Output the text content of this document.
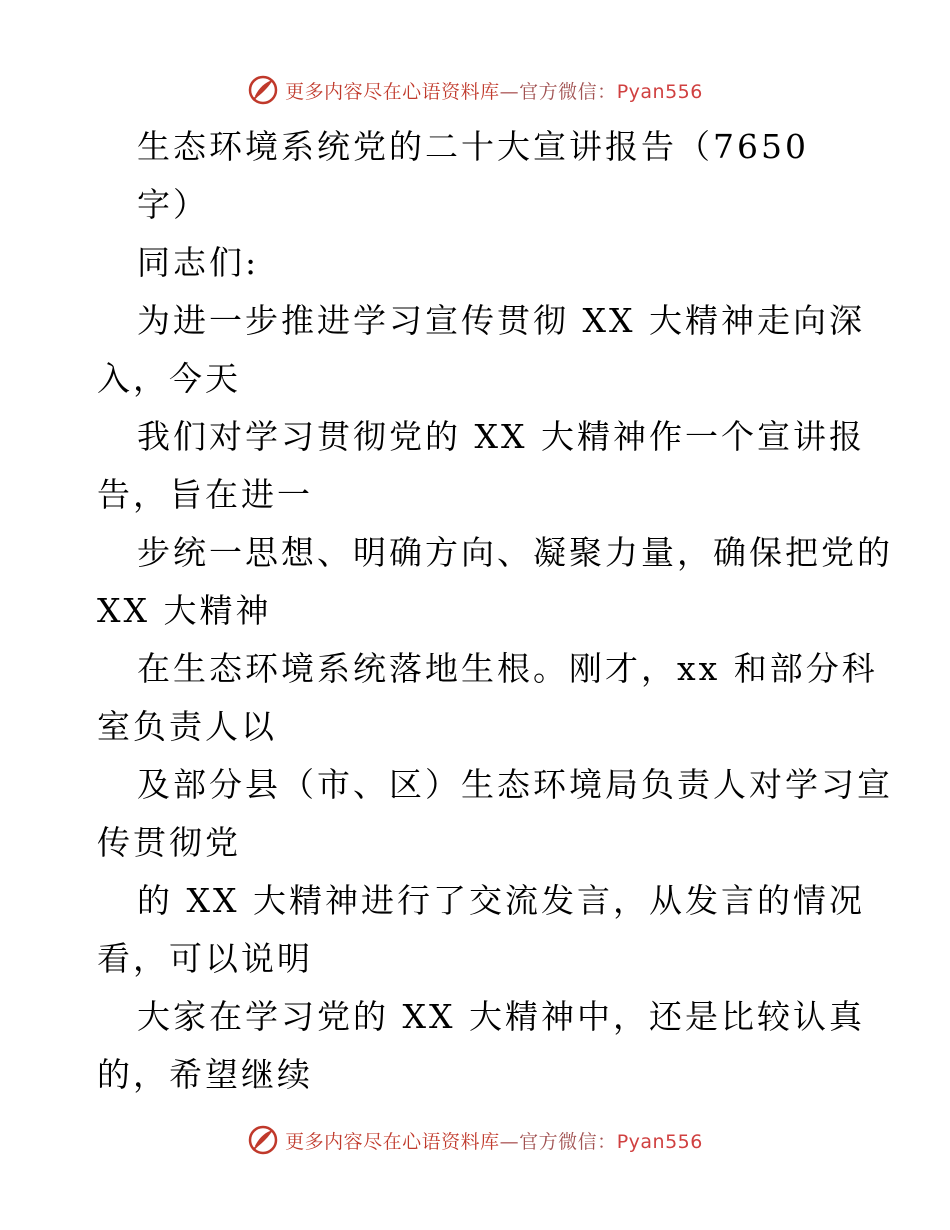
更多内容尽在心语资料库—官方微信：Pyan556
生态环境系统党的二十大宣讲报告（7650
字）
同志们:
为进一步推进学习宣传贯彻 XX 大精神走向深
入，今天
我们对学习贯彻党的 XX 大精神作一个宣讲报
告，旨在进一
步统一思想、明确方向、凝聚力量，确保把党的
XX 大精神
在生态环境系统落地生根。刚才，xx 和部分科
室负责人以
及部分县（市、区）生态环境局负责人对学习宣
传贯彻党
的 XX 大精神进行了交流发言，从发言的情况
看，可以说明
大家在学习党的 XX 大精神中，还是比较认真
的，希望继续
更多内容尽在心语资料库—官方微信：Pyan556
